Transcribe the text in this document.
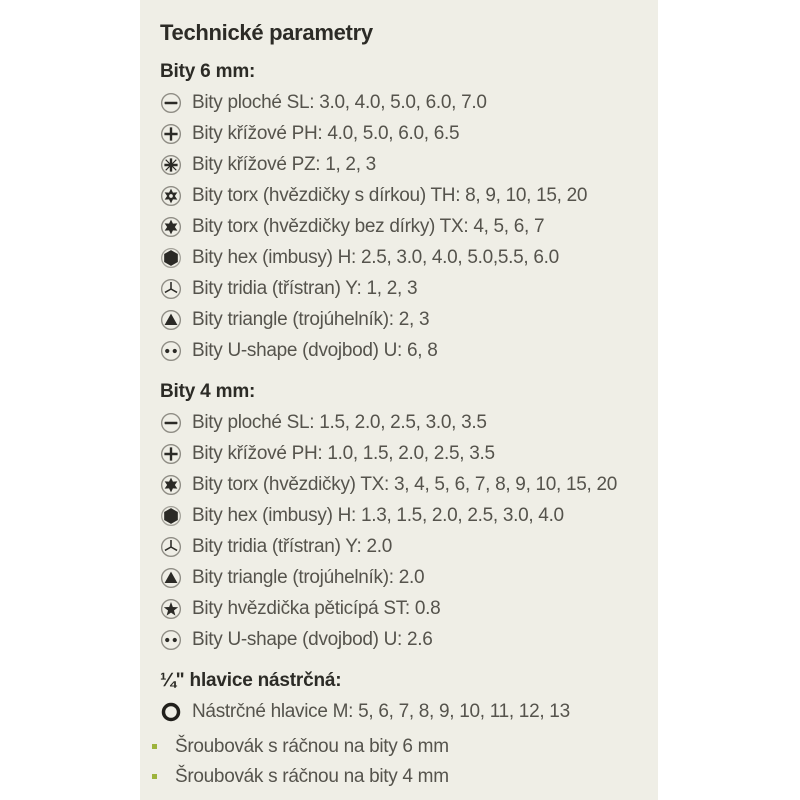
Technické parametry
Bity 6 mm:
Bity ploché SL: 3.0, 4.0, 5.0, 6.0, 7.0
Bity křížové PH: 4.0, 5.0, 6.0, 6.5
Bity křížové PZ: 1, 2, 3
Bity torx (hvězdičky s dírkou) TH: 8, 9, 10, 15, 20
Bity torx (hvězdičky bez dírky) TX: 4, 5, 6, 7
Bity hex (imbusy) H: 2.5, 3.0, 4.0, 5.0,5.5, 6.0
Bity tridia (třístran) Y: 1, 2, 3
Bity triangle (trojúhelník): 2, 3
Bity U-shape (dvojbod) U: 6, 8
Bity 4 mm:
Bity ploché SL: 1.5, 2.0, 2.5, 3.0, 3.5
Bity křížové PH: 1.0, 1.5, 2.0, 2.5, 3.5
Bity torx (hvězdičky) TX: 3, 4, 5, 6, 7, 8, 9, 10, 15, 20
Bity hex (imbusy) H: 1.3, 1.5, 2.0, 2.5, 3.0, 4.0
Bity tridia (třístran) Y: 2.0
Bity triangle (trojúhelník): 2.0
Bity hvězdička pěticípá ST: 0.8
Bity U-shape (dvojbod) U: 2.6
¼" hlavice nástrčná:
Nástrčné hlavice M: 5, 6, 7, 8, 9, 10, 11, 12, 13
Šroubovák s ráčnou na bity 6 mm
Šroubovák s ráčnou na bity 4 mm
